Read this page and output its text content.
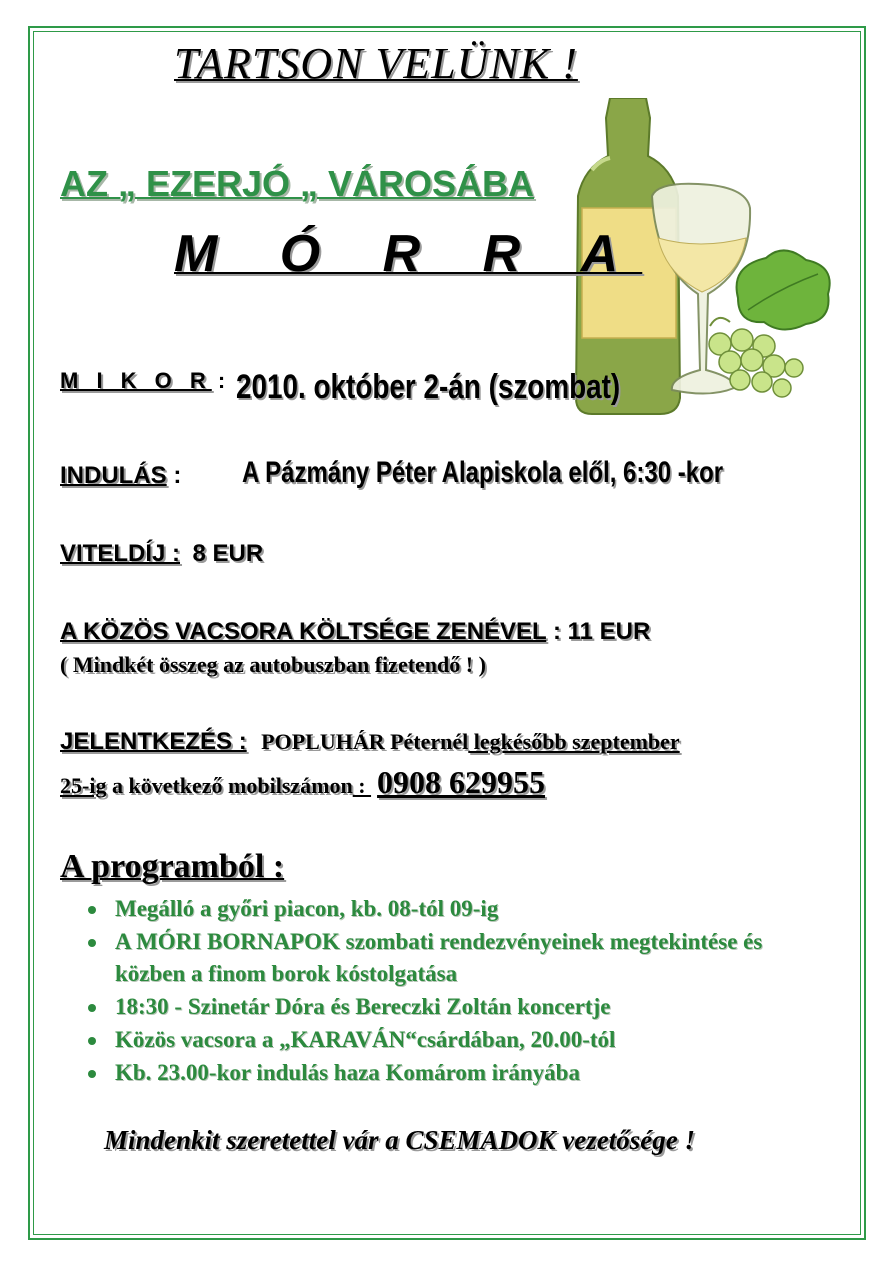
TARTSON VELÜNK !
AZ „ EZERJÓ „ VÁROSÁBA
M Ó R R A
M I K O R : 2010. október 2-án (szombat)
INDULÁS : A Pázmány Péter Alapiskola elől, 6:30 -kor
VITELDÍJ : 8 EUR
A KÖZÖS VACSORA KÖLTSÉGE ZENÉVEL : 11 EUR
( Mindkét összeg az autobuszban fizetendő ! )
JELENTKEZÉS : POPLUHÁR Péternél legkésőbb szeptember
25-ig a következő mobilszámon : 0908 629955
A programból :
Megálló a győri piacon, kb. 08-tól 09-ig
A MÓRI BORNAPOK szombati rendezvényeinek megtekintése és közben a finom borok kóstolgatása
18:30 - Szinetár Dóra és Bereczki Zoltán koncertje
Közös vacsora a „KARAVÁN“csárdában, 20.00-tól
Kb. 23.00-kor indulás haza Komárom irányába
Mindenkit szeretettel vár a CSEMADOK vezetősége !
